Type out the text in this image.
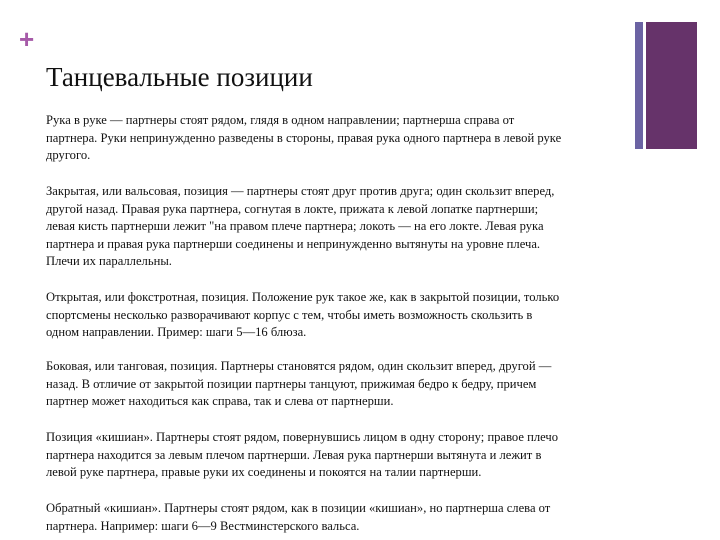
+
Танцевальные позиции

Рука в руке — партнеры стоят рядом, глядя в одном направлении; партнерша справа от
партнера. Руки непринужденно разведены в стороны, правая рука одного партнера в левой руке
другого.

Закрытая, или вальсовая, позиция — партнеры стоят друг против друга; один скользит вперед,
другой назад. Правая рука партнера, согнутая в локте, прижата к левой лопатке партнерши;
левая кисть партнерши лежит "на правом плече партнера; локоть — на его локте. Левая рука
партнера и правая рука партнерши соединены и непринужденно вытянуты на уровне плеча.
Плечи их параллельны.

Открытая, или фокстротная, позиция. Положение рук такое же, как в закрытой позиции, только
спортсмены несколько разворачивают корпус с тем, чтобы иметь возможность скользить в
одном направлении. Пример: шаги 5—16 блюза.

Боковая, или танговая, позиция. Партнеры становятся рядом, один скользит вперед, другой —
назад. В отличие от закрытой позиции партнеры танцуют, прижимая бедро к бедру, причем
партнер может находиться как справа, так и слева от партнерши.

Позиция «кишиан». Партнеры стоят рядом, повернувшись лицом в одну сторону; правое плечо
партнера находится за левым плечом партнерши. Левая рука партнерши вытянута и лежит в
левой руке партнера, правые руки их соединены и покоятся на талии партнерши.

Обратный «кишиан». Партнеры стоят рядом, как в позиции «кишиан», но партнерша слева от
партнера. Например: шаги 6—9 Вестминстерского вальса.
